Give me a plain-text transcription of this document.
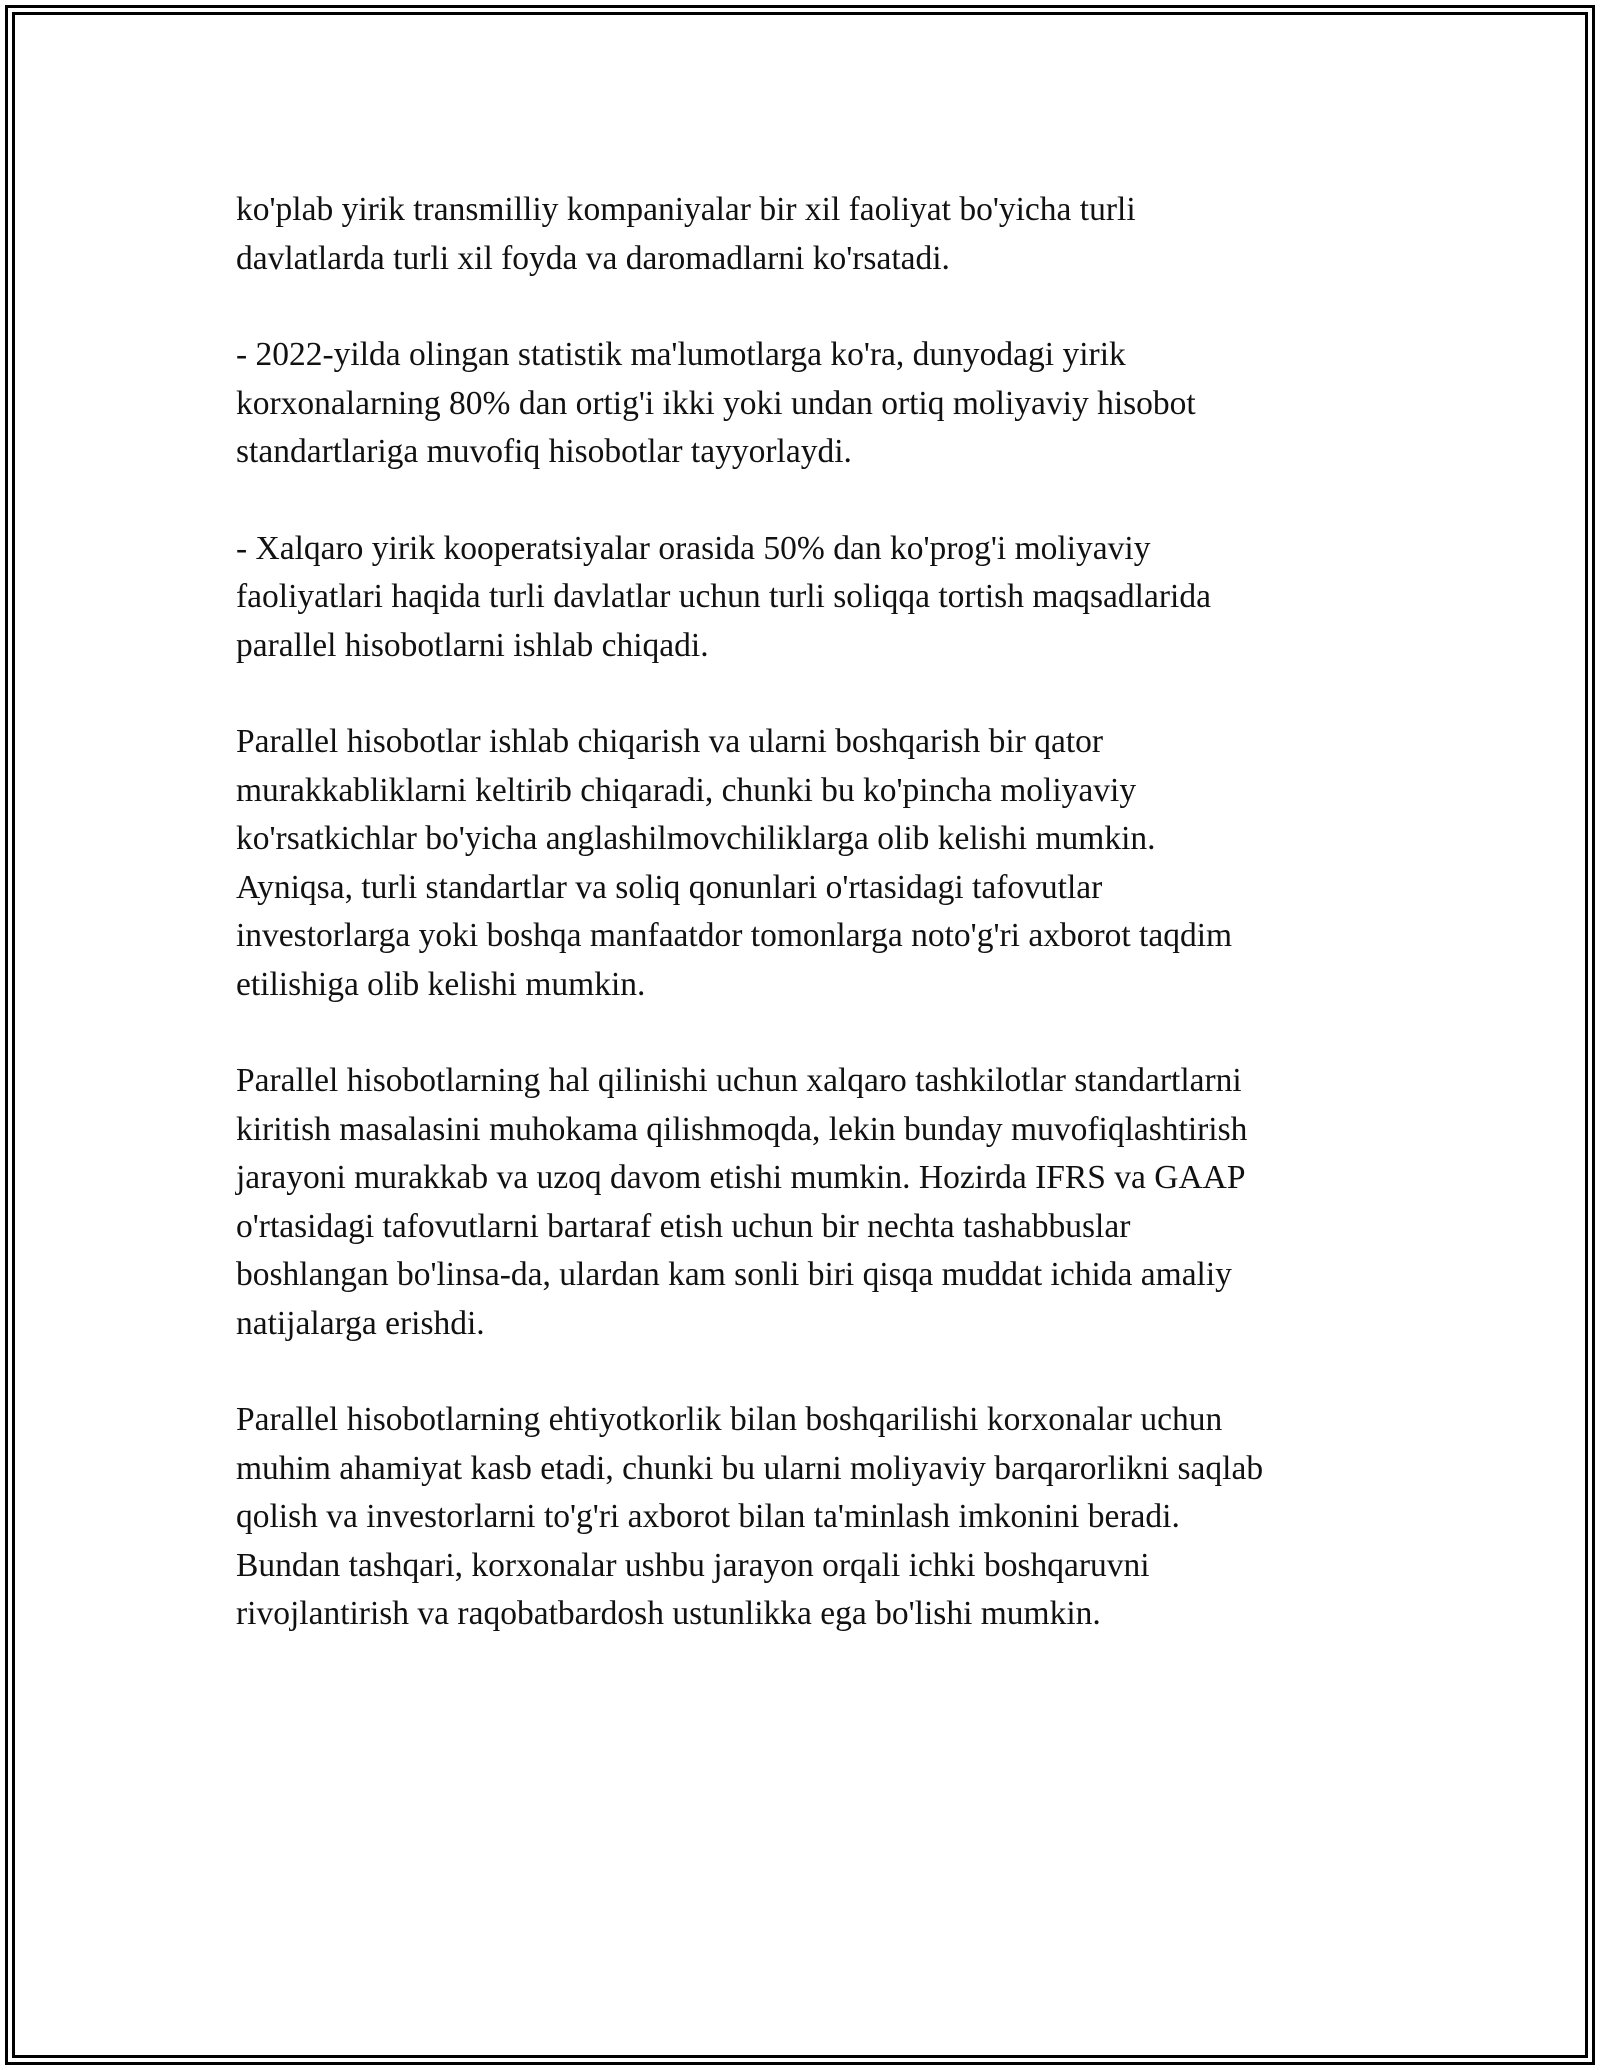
ko'plab yirik transmilliy kompaniyalar bir xil faoliyat bo'yicha turli
davlatlarda turli xil foyda va daromadlarni ko'rsatadi.

- 2022-yilda olingan statistik ma'lumotlarga ko'ra, dunyodagi yirik
korxonalarning 80% dan ortig'i ikki yoki undan ortiq moliyaviy hisobot
standartlariga muvofiq hisobotlar tayyorlaydi.

- Xalqaro yirik kooperatsiyalar orasida 50% dan ko'prog'i moliyaviy
faoliyatlari haqida turli davlatlar uchun turli soliqqa tortish maqsadlarida
parallel hisobotlarni ishlab chiqadi.

Parallel hisobotlar ishlab chiqarish va ularni boshqarish bir qator
murakkabliklarni keltirib chiqaradi, chunki bu ko'pincha moliyaviy
ko'rsatkichlar bo'yicha anglashilmovchiliklarga olib kelishi mumkin.
Ayniqsa, turli standartlar va soliq qonunlari o'rtasidagi tafovutlar
investorlarga yoki boshqa manfaatdor tomonlarga noto'g'ri axborot taqdim
etilishiga olib kelishi mumkin.

Parallel hisobotlarning hal qilinishi uchun xalqaro tashkilotlar standartlarni
kiritish masalasini muhokama qilishmoqda, lekin bunday muvofiqlashtirish
jarayoni murakkab va uzoq davom etishi mumkin. Hozirda IFRS va GAAP
o'rtasidagi tafovutlarni bartaraf etish uchun bir nechta tashabbuslar
boshlangan bo'linsa-da, ulardan kam sonli biri qisqa muddat ichida amaliy
natijalarga erishdi.

Parallel hisobotlarning ehtiyotkorlik bilan boshqarilishi korxonalar uchun
muhim ahamiyat kasb etadi, chunki bu ularni moliyaviy barqarorlikni saqlab
qolish va investorlarni to'g'ri axborot bilan ta'minlash imkonini beradi.
Bundan tashqari, korxonalar ushbu jarayon orqali ichki boshqaruvni
rivojlantirish va raqobatbardosh ustunlikka ega bo'lishi mumkin.
